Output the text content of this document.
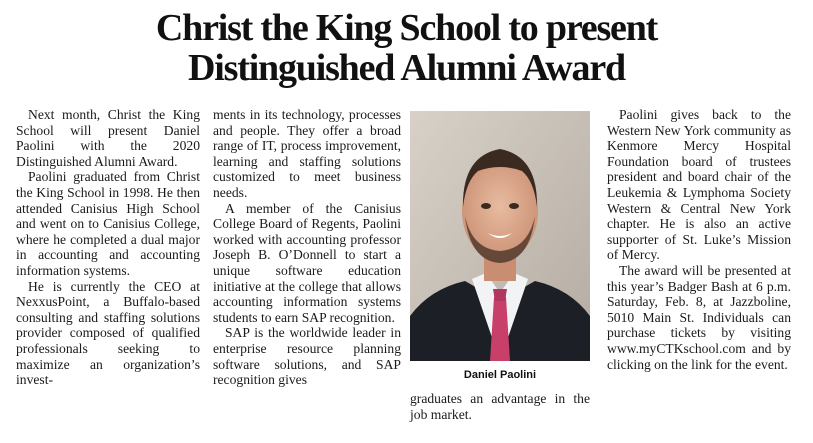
Christ the King School to present
Distinguished Alumni Award

Next month, Christ the King School will present Daniel Paolini with the 2020 Distinguished Alumni Award.

Paolini graduated from Christ the King School in 1998. He then attended Canisius High School and went on to Canisius College, where he completed a dual major in accounting and accounting information systems.

He is currently the CEO at NexxusPoint, a Buffalo-based consulting and staffing solutions provider composed of qualified professionals seeking to maximize an organization’s invest-

ments in its technology, processes and people. They offer a broad range of IT, process improvement, learning and staffing solutions customized to meet business needs.

A member of the Canisius College Board of Regents, Paolini worked with accounting professor Joseph B. O’Donnell to start a unique software education initiative at the college that allows accounting information systems students to earn SAP recognition.

SAP is the worldwide leader in enterprise resource planning software solutions, and SAP recognition gives	Daniel Paolini
graduates an advantage in the job market.

Paolini gives back to the Western New York community as Kenmore Mercy Hospital Foundation board of trustees president and board chair of the Leukemia & Lymphoma Society Western & Central New York chapter. He is also an active supporter of St. Luke’s Mission of Mercy.

The award will be presented at this year’s Badger Bash at 6 p.m. Saturday, Feb. 8, at Jazzboline, 5010 Main St. Individuals can purchase tickets by visiting www.myCTKschool.com and by clicking on the link for the event.
